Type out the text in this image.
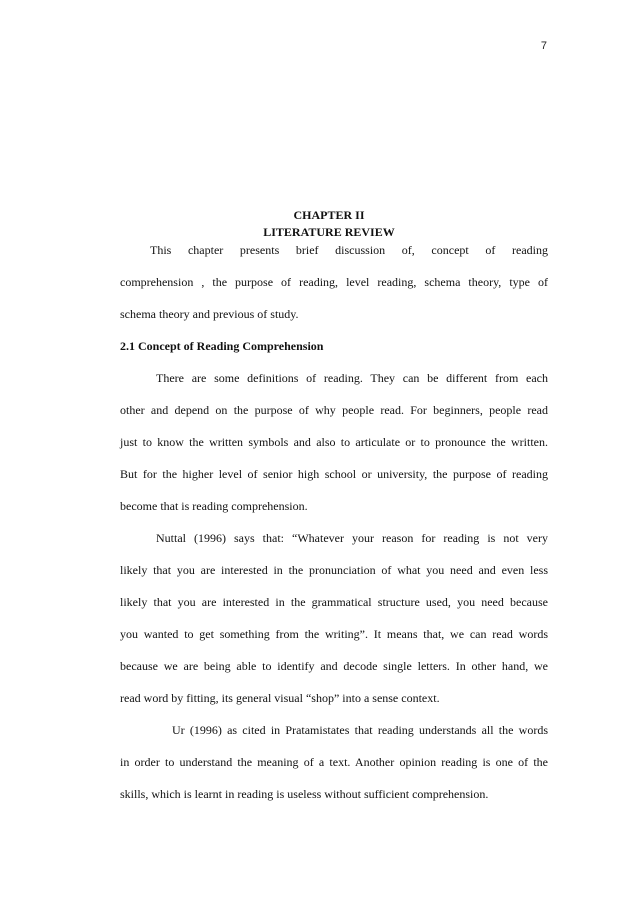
7
CHAPTER II
LITERATURE REVIEW
This chapter presents brief discussion of, concept of reading
comprehension , the purpose of reading, level reading, schema theory, type of
schema theory and previous of study.
2.1 Concept of Reading Comprehension
There are some definitions of reading. They can be different from each
other and depend on the purpose of why people read. For beginners, people read
just to know the written symbols and also to articulate or to pronounce the written.
But for the higher level of senior high school or university, the purpose of reading
become that is reading comprehension.
Nuttal (1996) says that: “Whatever your reason for reading is not very
likely that you are interested in the pronunciation of what you need and even less
likely that you are interested in the grammatical structure used, you need because
you wanted to get something from the writing”. It means that, we can read words
because we are being able to identify and decode single letters. In other hand, we
read word by fitting, its general visual “shop” into a sense context.
Ur (1996) as cited in Pratamistates that reading understands all the words
in order to understand the meaning of a text. Another opinion reading is one of the
skills, which is learnt in reading is useless without sufficient comprehension.
